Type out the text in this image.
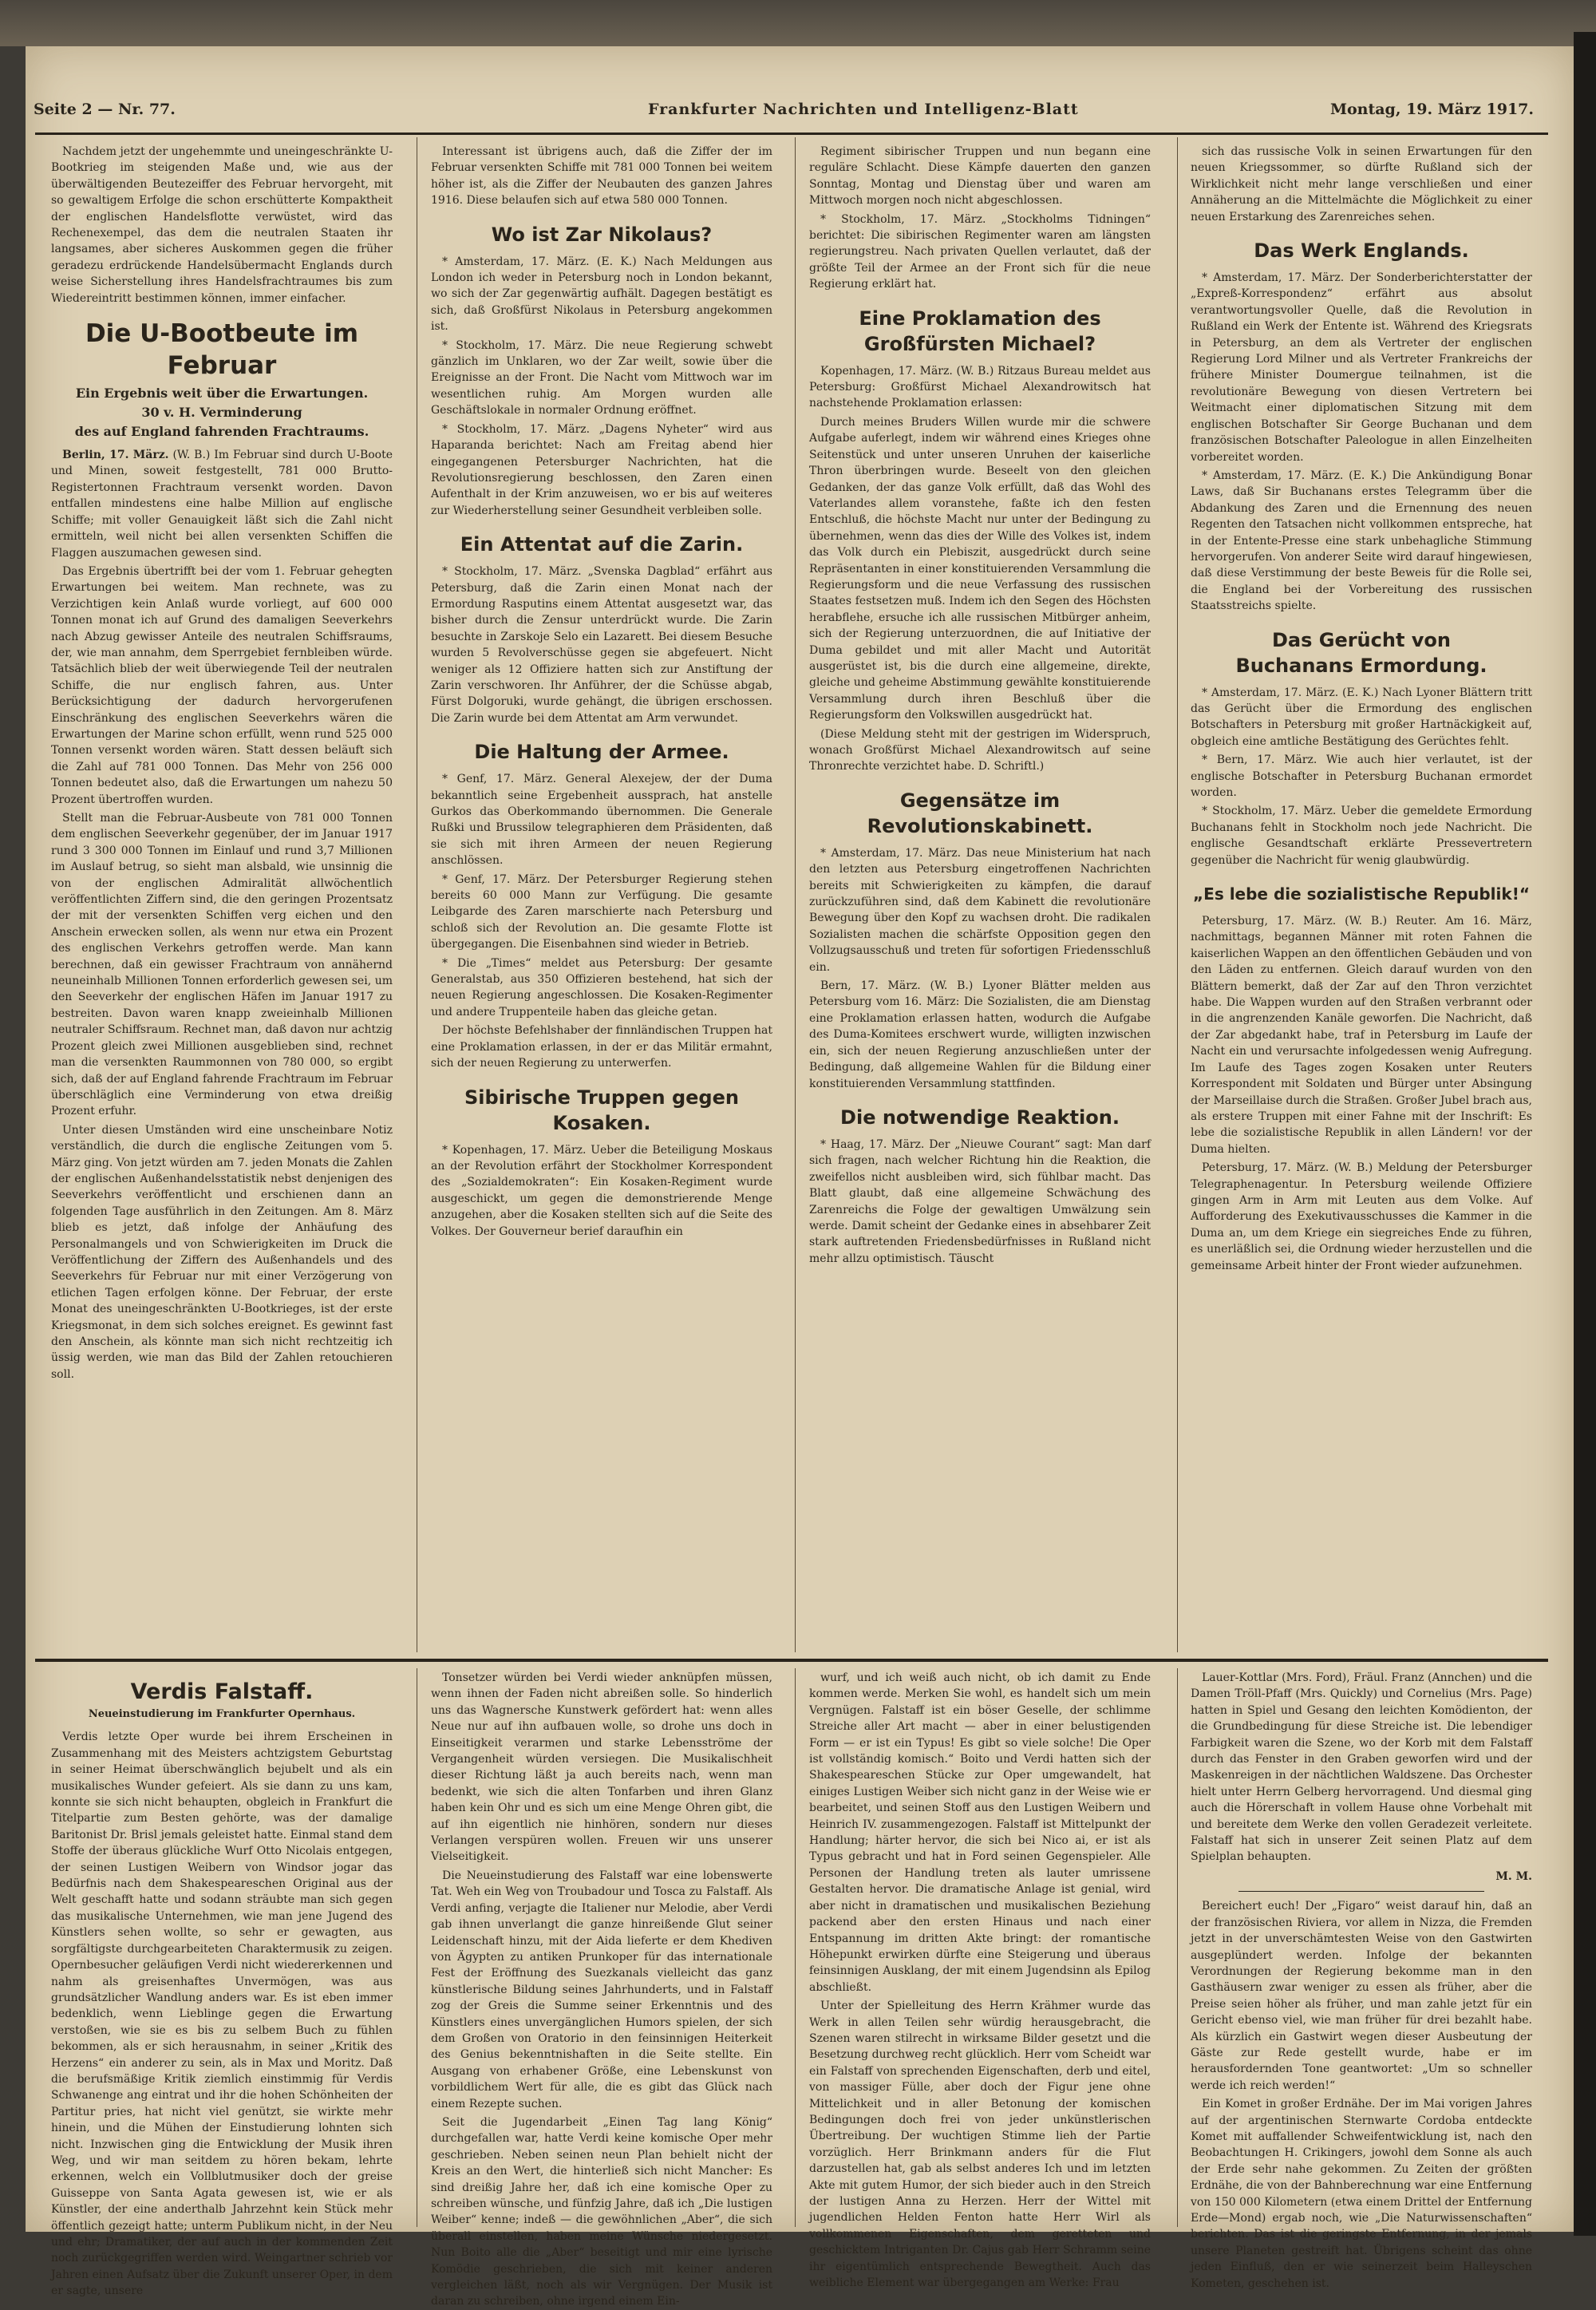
Seite 2 — Nr. 77.	Frankfurter Nachrichten und Intelligenz-Blatt	Montag, 19. März 1917.

Nachdem jetzt der ungehemmte und uneingeschränkte U-Bootkrieg im steigenden Maße und, wie aus der überwältigenden Beutezeiffer des Februar hervorgeht, mit so gewaltigem Erfolge die schon erschütterte Kompaktheit der englischen Handelsflotte verwüstet, wird das Rechenexempel, das dem die neutralen Staaten ihr langsames, aber sicheres Auskommen gegen die früher geradezu erdrückende Handelsübermacht Englands durch weise Sicherstellung ihres Handelsfrachtraumes bis zum Wiedereintritt bestimmen können, immer einfacher.

Die U-Bootbeute im Februar
Ein Ergebnis weit über die Erwartungen.
30 v. H. Verminderung
des auf England fahrenden Frachtraums.

Berlin, 17. März. (W. B.) Im Februar sind durch U-Boote und Minen, soweit festgestellt, 781 000 Brutto-Registertonnen Frachtraum versenkt worden. Davon entfallen mindestens eine halbe Million auf englische Schiffe; mit voller Genauigkeit läßt sich die Zahl nicht ermitteln, weil nicht bei allen versenkten Schiffen die Flaggen auszumachen gewesen sind.

Das Ergebnis übertrifft bei der vom 1. Februar gehegten Erwartungen bei weitem. Man rechnete, was zu Verzichtigen kein Anlaß wurde vorliegt, auf 600 000 Tonnen monat ich auf Grund des damaligen Seeverkehrs nach Abzug gewisser Anteile des neutralen Schiffsraums, der, wie man annahm, dem Sperrgebiet fernbleiben würde. Tatsächlich blieb der weit überwiegende Teil der neutralen Schiffe, die nur englisch fahren, aus. Unter Berücksichtigung der dadurch hervorgerufenen Einschränkung des englischen Seeverkehrs wären die Erwartungen der Marine schon erfüllt, wenn rund 525 000 Tonnen versenkt worden wären. Statt dessen beläuft sich die Zahl auf 781 000 Tonnen. Das Mehr von 256 000 Tonnen bedeutet also, daß die Erwartungen um nahezu 50 Prozent übertroffen wurden.

Stellt man die Februar-Ausbeute von 781 000 Tonnen dem englischen Seeverkehr gegenüber, der im Januar 1917 rund 3 300 000 Tonnen im Einlauf und rund 3,7 Millionen im Auslauf betrug, so sieht man alsbald, wie unsinnig die von der englischen Admiralität allwöchentlich veröffentlichten Ziffern sind, die den geringen Prozentsatz der mit der versenkten Schiffen verg eichen und den Anschein erwecken sollen, als wenn nur etwa ein Prozent des englischen Verkehrs getroffen werde. Man kann berechnen, daß ein gewisser Frachtraum von annähernd neuneinhalb Millionen Tonnen erforderlich gewesen sei, um den Seeverkehr der englischen Häfen im Januar 1917 zu bestreiten. Davon waren knapp zweieinhalb Millionen neutraler Schiffsraum. Rechnet man, daß davon nur achtzig Prozent gleich zwei Millionen ausgeblieben sind, rechnet man die versenkten Raummonnen von 780 000, so ergibt sich, daß der auf England fahrende Frachtraum im Februar überschläglich eine Verminderung von etwa dreißig Prozent erfuhr.

Unter diesen Umständen wird eine unscheinbare Notiz verständlich, die durch die englische Zeitungen vom 5. März ging. Von jetzt würden am 7. jeden Monats die Zahlen der englischen Außenhandelsstatistik nebst denjenigen des Seeverkehrs veröffentlicht und erschienen dann an folgenden Tage ausführlich in den Zeitungen. Am 8. März blieb es jetzt, daß infolge der Anhäufung des Personalmangels und von Schwierigkeiten im Druck die Veröffentlichung der Ziffern des Außenhandels und des Seeverkehrs für Februar nur mit einer Verzögerung von etlichen Tagen erfolgen könne. Der Februar, der erste Monat des uneingeschränkten U-Bootkrieges, ist der erste Kriegsmonat, in dem sich solches ereignet. Es gewinnt fast den Anschein, als könnte man sich nicht rechtzeitig ich üssig werden, wie man das Bild der Zahlen retouchieren soll.

Interessant ist übrigens auch, daß die Ziffer der im Februar versenkten Schiffe mit 781 000 Tonnen bei weitem höher ist, als die Ziffer der Neubauten des ganzen Jahres 1916. Diese belaufen sich auf etwa 580 000 Tonnen.

Wo ist Zar Nikolaus?

* Amsterdam, 17. März. (E. K.) Nach Meldungen aus London ich weder in Petersburg noch in London bekannt, wo sich der Zar gegenwärtig aufhält. Dagegen bestätigt es sich, daß Großfürst Nikolaus in Petersburg angekommen ist.

* Stockholm, 17. März. Die neue Regierung schwebt gänzlich im Unklaren, wo der Zar weilt, sowie über die Ereignisse an der Front. Die Nacht vom Mittwoch war im wesentlichen ruhig. Am Morgen wurden alle Geschäftslokale in normaler Ordnung eröffnet.

* Stockholm, 17. März. „Dagens Nyheter“ wird aus Haparanda berichtet: Nach am Freitag abend hier eingegangenen Petersburger Nachrichten, hat die Revolutionsregierung beschlossen, den Zaren einen Aufenthalt in der Krim anzuweisen, wo er bis auf weiteres zur Wiederherstellung seiner Gesundheit verbleiben solle.

Ein Attentat auf die Zarin.

* Stockholm, 17. März. „Svenska Dagblad“ erfährt aus Petersburg, daß die Zarin einen Monat nach der Ermordung Rasputins einem Attentat ausgesetzt war, das bisher durch die Zensur unterdrückt wurde. Die Zarin besuchte in Zarskoje Selo ein Lazarett. Bei diesem Besuche wurden 5 Revolverschüsse gegen sie abgefeuert. Nicht weniger als 12 Offiziere hatten sich zur Anstiftung der Zarin verschworen. Ihr Anführer, der die Schüsse abgab, Fürst Dolgoruki, wurde gehängt, die übrigen erschossen. Die Zarin wurde bei dem Attentat am Arm verwundet.

Die Haltung der Armee.

* Genf, 17. März. General Alexejew, der der Duma bekanntlich seine Ergebenheit aussprach, hat anstelle Gurkos das Oberkommando übernommen. Die Generale Rußki und Brussilow telegraphieren dem Präsidenten, daß sie sich mit ihren Armeen der neuen Regierung anschlössen.

* Genf, 17. März. Der Petersburger Regierung stehen bereits 60 000 Mann zur Verfügung. Die gesamte Leibgarde des Zaren marschierte nach Petersburg und schloß sich der Revolution an. Die gesamte Flotte ist übergegangen. Die Eisenbahnen sind wieder in Betrieb.

* Die „Times“ meldet aus Petersburg: Der gesamte Generalstab, aus 350 Offizieren bestehend, hat sich der neuen Regierung angeschlossen. Die Kosaken-Regimenter und andere Truppenteile haben das gleiche getan.

Der höchste Befehlshaber der finnländischen Truppen hat eine Proklamation erlassen, in der er das Militär ermahnt, sich der neuen Regierung zu unterwerfen.

Sibirische Truppen gegen Kosaken.

* Kopenhagen, 17. März. Ueber die Beteiligung Moskaus an der Revolution erfährt der Stockholmer Korrespondent des „Sozialdemokraten“: Ein Kosaken-Regiment wurde ausgeschickt, um gegen die demonstrierende Menge anzugehen, aber die Kosaken stellten sich auf die Seite des Volkes. Der Gouverneur berief daraufhin ein

Regiment sibirischer Truppen und nun begann eine reguläre Schlacht. Diese Kämpfe dauerten den ganzen Sonntag, Montag und Dienstag über und waren am Mittwoch morgen noch nicht abgeschlossen.

* Stockholm, 17. März. „Stockholms Tidningen“ berichtet: Die sibirischen Regimenter waren am längsten regierungstreu. Nach privaten Quellen verlautet, daß der größte Teil der Armee an der Front sich für die neue Regierung erklärt hat.

Eine Proklamation des Großfürsten Michael?

Kopenhagen, 17. März. (W. B.) Ritzaus Bureau meldet aus Petersburg: Großfürst Michael Alexandrowitsch hat nachstehende Proklamation erlassen:

Durch meines Bruders Willen wurde mir die schwere Aufgabe auferlegt, indem wir während eines Krieges ohne Seitenstück und unter unseren Unruhen der kaiserliche Thron überbringen wurde. Beseelt von den gleichen Gedanken, der das ganze Volk erfüllt, daß das Wohl des Vaterlandes allem voranstehe, faßte ich den festen Entschluß, die höchste Macht nur unter der Bedingung zu übernehmen, wenn das dies der Wille des Volkes ist, indem das Volk durch ein Plebiszit, ausgedrückt durch seine Repräsentanten in einer konstituierenden Versammlung die Regierungsform und die neue Verfassung des russischen Staates festsetzen muß. Indem ich den Segen des Höchsten herabflehe, ersuche ich alle russischen Mitbürger anheim, sich der Regierung unterzuordnen, die auf Initiative der Duma gebildet und mit aller Macht und Autorität ausgerüstet ist, bis die durch eine allgemeine, direkte, gleiche und geheime Abstimmung gewählte konstituierende Versammlung durch ihren Beschluß über die Regierungsform den Volkswillen ausgedrückt hat.

(Diese Meldung steht mit der gestrigen im Widerspruch, wonach Großfürst Michael Alexandrowitsch auf seine Thronrechte verzichtet habe. D. Schriftl.)

Gegensätze im Revolutionskabinett.

* Amsterdam, 17. März. Das neue Ministerium hat nach den letzten aus Petersburg eingetroffenen Nachrichten bereits mit Schwierigkeiten zu kämpfen, die darauf zurückzuführen sind, daß dem Kabinett die revolutionäre Bewegung über den Kopf zu wachsen droht. Die radikalen Sozialisten machen die schärfste Opposition gegen den Vollzugsausschuß und treten für sofortigen Friedensschluß ein.

Bern, 17. März. (W. B.) Lyoner Blätter melden aus Petersburg vom 16. März: Die Sozialisten, die am Dienstag eine Proklamation erlassen hatten, wodurch die Aufgabe des Duma-Komitees erschwert wurde, willigten inzwischen ein, sich der neuen Regierung anzuschließen unter der Bedingung, daß allgemeine Wahlen für die Bildung einer konstituierenden Versammlung stattfinden.

Die notwendige Reaktion.

* Haag, 17. März. Der „Nieuwe Courant“ sagt: Man darf sich fragen, nach welcher Richtung hin die Reaktion, die zweifellos nicht ausbleiben wird, sich fühlbar macht. Das Blatt glaubt, daß eine allgemeine Schwächung des Zarenreichs die Folge der gewaltigen Umwälzung sein werde. Damit scheint der Gedanke eines in absehbarer Zeit stark auftretenden Friedensbedürfnisses in Rußland nicht mehr allzu optimistisch. Täuscht

sich das russische Volk in seinen Erwartungen für den neuen Kriegssommer, so dürfte Rußland sich der Wirklichkeit nicht mehr lange verschließen und einer Annäherung an die Mittelmächte die Möglichkeit zu einer neuen Erstarkung des Zarenreiches sehen.

Das Werk Englands.

* Amsterdam, 17. März. Der Sonderberichterstatter der „Expreß-Korrespondenz“ erfährt aus absolut verantwortungsvoller Quelle, daß die Revolution in Rußland ein Werk der Entente ist. Während des Kriegsrats in Petersburg, an dem als Vertreter der englischen Regierung Lord Milner und als Vertreter Frankreichs der frühere Minister Doumergue teilnahmen, ist die revolutionäre Bewegung von diesen Vertretern bei Weitmacht einer diplomatischen Sitzung mit dem englischen Botschafter Sir George Buchanan und dem französischen Botschafter Paleologue in allen Einzelheiten vorbereitet worden.

* Amsterdam, 17. März. (E. K.) Die Ankündigung Bonar Laws, daß Sir Buchanans erstes Telegramm über die Abdankung des Zaren und die Ernennung des neuen Regenten den Tatsachen nicht vollkommen entspreche, hat in der Entente-Presse eine stark unbehagliche Stimmung hervorgerufen. Von anderer Seite wird darauf hingewiesen, daß diese Verstimmung der beste Beweis für die Rolle sei, die England bei der Vorbereitung des russischen Staatsstreichs spielte.

Das Gerücht von
Buchanans Ermordung.

* Amsterdam, 17. März. (E. K.) Nach Lyoner Blättern tritt das Gerücht über die Ermordung des englischen Botschafters in Petersburg mit großer Hartnäckigkeit auf, obgleich eine amtliche Bestätigung des Gerüchtes fehlt.

* Bern, 17. März. Wie auch hier verlautet, ist der englische Botschafter in Petersburg Buchanan ermordet worden.

* Stockholm, 17. März. Ueber die gemeldete Ermordung Buchanans fehlt in Stockholm noch jede Nachricht. Die englische Gesandtschaft erklärte Pressevertretern gegenüber die Nachricht für wenig glaubwürdig.

„Es lebe die sozialistische Republik!“

Petersburg, 17. März. (W. B.) Reuter. Am 16. März, nachmittags, begannen Männer mit roten Fahnen die kaiserlichen Wappen an den öffentlichen Gebäuden und von den Läden zu entfernen. Gleich darauf wurden von den Blättern bemerkt, daß der Zar auf den Thron verzichtet habe. Die Wappen wurden auf den Straßen verbrannt oder in die angrenzenden Kanäle geworfen. Die Nachricht, daß der Zar abgedankt habe, traf in Petersburg im Laufe der Nacht ein und verursachte infolgedessen wenig Aufregung. Im Laufe des Tages zogen Kosaken unter Reuters Korrespondent mit Soldaten und Bürger unter Absingung der Marseillaise durch die Straßen. Großer Jubel brach aus, als erstere Truppen mit einer Fahne mit der Inschrift: Es lebe die sozialistische Republik in allen Ländern! vor der Duma hielten.

Petersburg, 17. März. (W. B.) Meldung der Petersburger Telegraphenagentur. In Petersburg weilende Offiziere gingen Arm in Arm mit Leuten aus dem Volke. Auf Aufforderung des Exekutivausschusses die Kammer in die Duma an, um dem Kriege ein siegreiches Ende zu führen, es unerläßlich sei, die Ordnung wieder herzustellen und die gemeinsame Arbeit hinter der Front wieder aufzunehmen.

Verdis Falstaff.
Neueinstudierung im Frankfurter Opernhaus.

Verdis letzte Oper wurde bei ihrem Erscheinen in Zusammenhang mit des Meisters achtzigstem Geburtstag in seiner Heimat überschwänglich bejubelt und als ein musikalisches Wunder gefeiert. Als sie dann zu uns kam, konnte sie sich nicht behaupten, obgleich in Frankfurt die Titelpartie zum Besten gehörte, was der damalige Baritonist Dr. Brisl jemals geleistet hatte. Einmal stand dem Stoffe der überaus glückliche Wurf Otto Nicolais entgegen, der seinen Lustigen Weibern von Windsor jogar das Bedürfnis nach dem Shakespeareschen Original aus der Welt geschafft hatte und sodann sträubte man sich gegen das musikalische Unternehmen, wie man jene Jugend des Künstlers sehen wollte, so sehr er gewagten, aus sorgfältigste durchgearbeiteten Charaktermusik zu zeigen. Opernbesucher geläufigen Verdi nicht wiedererkennen und nahm als greisenhaftes Unvermögen, was aus grundsätzlicher Wandlung anders war. Es ist eben immer bedenklich, wenn Lieblinge gegen die Erwartung verstoßen, wie sie es bis zu selbem Buch zu fühlen bekommen, als er sich herausnahm, in seiner „Kritik des Herzens“ ein anderer zu sein, als in Max und Moritz. Daß die berufsmäßige Kritik ziemlich einstimmig für Verdis Schwanenge ang eintrat und ihr die hohen Schönheiten der Partitur pries, hat nicht viel genützt, sie wirkte mehr hinein, und die Mühen der Einstudierung lohnten sich nicht. Inzwischen ging die Entwicklung der Musik ihren Weg, und wir man seitdem zu hören bekam, lehrte erkennen, welch ein Vollblutmusiker doch der greise Guisseppe von Santa Agata gewesen ist, wie er als Künstler, der eine anderthalb Jahrzehnt kein Stück mehr öffentlich gezeigt hatte; unterm Publikum nicht, in der Neu und ehr; Dramatiker, der auf auch in der kommenden Zeit noch zurückgegriffen werden wird. Weingartner schrieb vor Jahren einen Aufsatz über die Zukunft unserer Oper, in dem er sagte, unsere

Tonsetzer würden bei Verdi wieder anknüpfen müssen, wenn ihnen der Faden nicht abreißen solle. So hinderlich uns das Wagnersche Kunstwerk gefördert hat: wenn alles Neue nur auf ihn aufbauen wolle, so drohe uns doch in Einseitigkeit verarmen und starke Lebensströme der Vergangenheit würden versiegen. Die Musikalischheit dieser Richtung läßt ja auch bereits nach, wenn man bedenkt, wie sich die alten Tonfarben und ihren Glanz haben kein Ohr und es sich um eine Menge Ohren gibt, die auf ihn eigentlich nie hinhören, sondern nur dieses Verlangen verspüren wollen. Freuen wir uns unserer Vielseitigkeit.

Die Neueinstudierung des Falstaff war eine lobenswerte Tat. Weh ein Weg von Troubadour und Tosca zu Falstaff. Als Verdi anfing, verjagte die Italiener nur Melodie, aber Verdi gab ihnen unverlangt die ganze hinreißende Glut seiner Leidenschaft hinzu, mit der Aida lieferte er dem Khediven von Ägypten zu antiken Prunkoper für das internationale Fest der Eröffnung des Suezkanals vielleicht das ganz künstlerische Bildung seines Jahrhunderts, und in Falstaff zog der Greis die Summe seiner Erkenntnis und des Künstlers eines unvergänglichen Humors spielen, der sich dem Großen von Oratorio in den feinsinnigen Heiterkeit des Genius bekenntnishaften in die Seite stellte. Ein Ausgang von erhabener Größe, eine Lebenskunst von vorbildlichem Wert für alle, die es gibt das Glück nach einem Rezepte suchen.

Seit die Jugendarbeit „Einen Tag lang König“ durchgefallen war, hatte Verdi keine komische Oper mehr geschrieben. Neben seinen neun Plan behielt nicht der Kreis an den Wert, die hinterließ sich nicht Mancher: Es sind dreißig Jahre her, daß ich eine komische Oper zu schreiben wünsche, und fünfzig Jahre, daß ich „Die lustigen Weiber“ kenne; indeß — die gewöhnlichen „Aber“, die sich überall einstellen, haben meine Wünsche niedergesetzt. Nun Boito alle die „Aber“ beseitigt und mir eine lyrische Komödie geschrieben, die sich mit keiner anderen vergleichen läßt, noch als wir Vergnügen. Der Musik ist daran zu schreiben, ohne irgend einem Ein-

wurf, und ich weiß auch nicht, ob ich damit zu Ende kommen werde. Merken Sie wohl, es handelt sich um mein Vergnügen. Falstaff ist ein böser Geselle, der schlimme Streiche aller Art macht — aber in einer belustigenden Form — er ist ein Typus! Es gibt so viele solche! Die Oper ist vollständig komisch.“ Boito und Verdi hatten sich der Shakespeareschen Stücke zur Oper umgewandelt, hat einiges Lustigen Weiber sich nicht ganz in der Weise wie er bearbeitet, und seinen Stoff aus den Lustigen Weibern und Heinrich IV. zusammengezogen. Falstaff ist Mittelpunkt der Handlung; härter hervor, die sich bei Nico ai, er ist als Typus gebracht und hat in Ford seinen Gegenspieler. Alle Personen der Handlung treten als lauter umrissene Gestalten hervor. Die dramatische Anlage ist genial, wird aber nicht in dramatischen und musikalischen Beziehung packend aber den ersten Hinaus und nach einer Entspannung im dritten Akte bringt: der romantische Höhepunkt erwirken dürfte eine Steigerung und überaus feinsinnigen Ausklang, der mit einem Jugendsinn als Epilog abschließt.

Unter der Spielleitung des Herrn Krähmer wurde das Werk in allen Teilen sehr würdig herausgebracht, die Szenen waren stilrecht in wirksame Bilder gesetzt und die Besetzung durchweg recht glücklich. Herr vom Scheidt war ein Falstaff von sprechenden Eigenschaften, derb und eitel, von massiger Fülle, aber doch der Figur jene ohne Mittelichkeit und in aller Betonung der komischen Bedingungen doch frei von jeder unkünstlerischen Übertreibung. Der wuchtigen Stimme lieh der Partie vorzüglich. Herr Brinkmann anders für die Flut darzustellen hat, gab als selbst anderes Ich und im letzten Akte mit gutem Humor, der sich bieder auch in den Streich der lustigen Anna zu Herzen. Herr der Wittel mit jugendlichen Helden Fenton hatte Herr Wirl als vollkommenen Eigenschaften, dem geretteten und geschicktem Intriganten Dr. Cajus gab Herr Schramm seine ihr eigentümlich entsprechende Bewegtheit. Auch das weibliche Element war übergegangen am Werke: Frau

Lauer-Kottlar (Mrs. Ford), Fräul. Franz (Annchen) und die Damen Tröll-Pfaff (Mrs. Quickly) und Cornelius (Mrs. Page) hatten in Spiel und Gesang den leichten Komödienton, der die Grundbedingung für diese Streiche ist. Die lebendiger Farbigkeit waren die Szene, wo der Korb mit dem Falstaff durch das Fenster in den Graben geworfen wird und der Maskenreigen in der nächtlichen Waldszene. Das Orchester hielt unter Herrn Gelberg hervorragend. Und diesmal ging auch die Hörerschaft in vollem Hause ohne Vorbehalt mit und bereitete dem Werke den vollen Geradezeit verleitete. Falstaff hat sich in unserer Zeit seinen Platz auf dem Spielplan behaupten.

M. M.

Bereichert euch! Der „Figaro“ weist darauf hin, daß an der französischen Riviera, vor allem in Nizza, die Fremden jetzt in der unverschämtesten Weise von den Gastwirten ausgeplündert werden. Infolge der bekannten Verordnungen der Regierung bekomme man in den Gasthäusern zwar weniger zu essen als früher, aber die Preise seien höher als früher, und man zahle jetzt für ein Gericht ebenso viel, wie man früher für drei bezahlt habe. Als kürzlich ein Gastwirt wegen dieser Ausbeutung der Gäste zur Rede gestellt wurde, habe er im herausfordernden Tone geantwortet: „Um so schneller werde ich reich werden!“

Ein Komet in großer Erdnähe. Der im Mai vorigen Jahres auf der argentinischen Sternwarte Cordoba entdeckte Komet mit auffallender Schweifentwicklung ist, nach den Beobachtungen H. Crikingers, jowohl dem Sonne als auch der Erde sehr nahe gekommen. Zu Zeiten der größten Erdnähe, die von der Bahnberechnung war eine Entfernung von 150 000 Kilometern (etwa einem Drittel der Entfernung Erde—Mond) ergab noch, wie „Die Naturwissenschaften“ berichten. Das ist die geringste Entfernung, in der jemals unsere Planeten gestreift hat. Übrigens scheint das ohne jeden Einfluß, den er wie seinerzeit beim Halleyschen Kometen, geschehen ist.
